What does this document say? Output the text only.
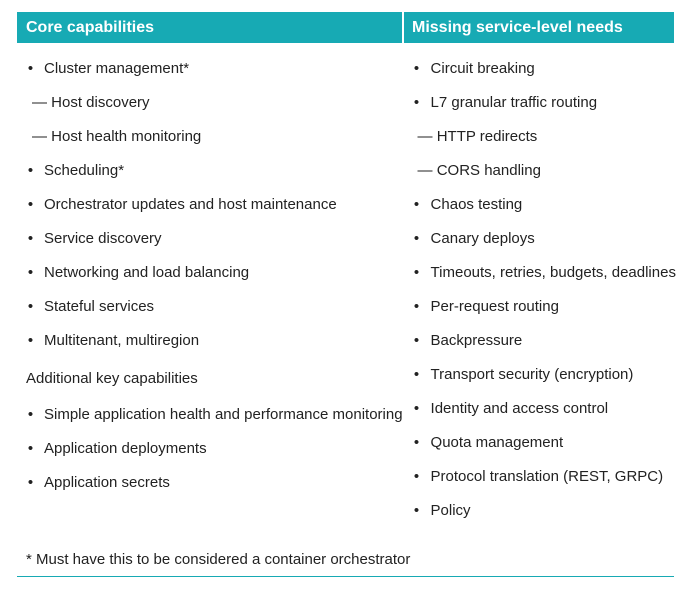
Core capabilities	Missing service-level needs
• Cluster management*
— Host discovery
— Host health monitoring
• Scheduling*
• Orchestrator updates and host maintenance
• Service discovery
• Networking and load balancing
• Stateful services
• Multitenant, multiregion
Additional key capabilities
• Simple application health and performance monitoring
• Application deployments
• Application secrets
• Circuit breaking
• L7 granular traffic routing
— HTTP redirects
— CORS handling
• Chaos testing
• Canary deploys
• Timeouts, retries, budgets, deadlines
• Per-request routing
• Backpressure
• Transport security (encryption)
• Identity and access control
• Quota management
• Protocol translation (REST, GRPC)
• Policy
* Must have this to be considered a container orchestrator
